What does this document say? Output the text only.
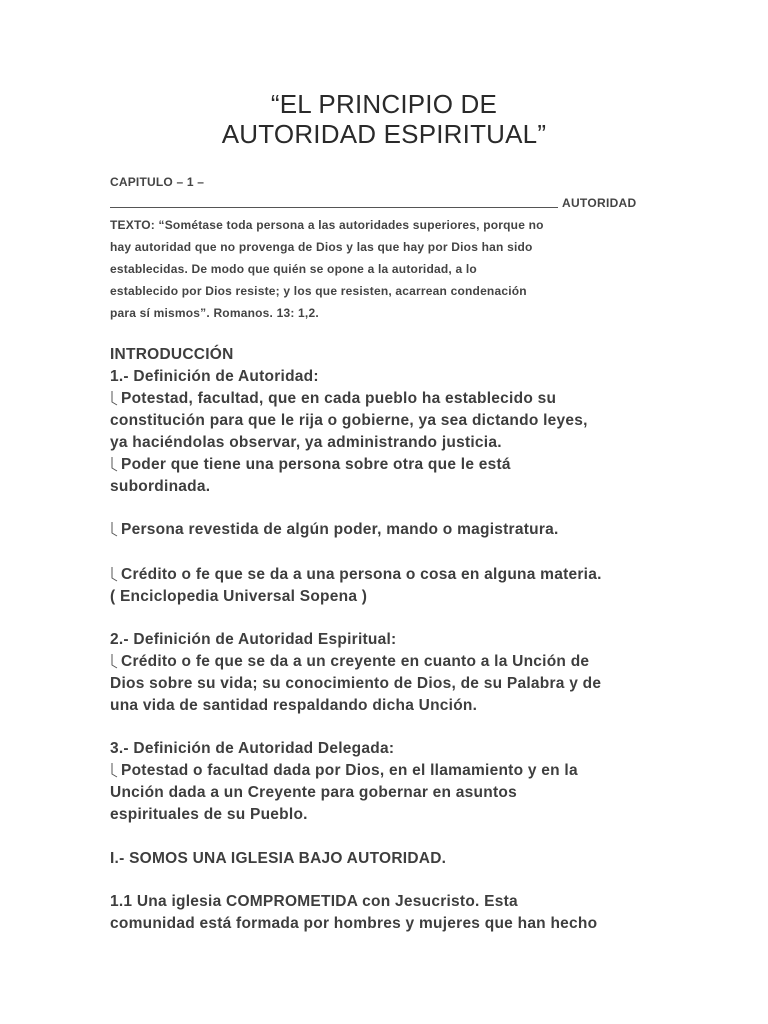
“EL PRINCIPIO DE
AUTORIDAD ESPIRITUAL”
CAPITULO – 1 –
AUTORIDAD
TEXTO: “Sométase toda persona a las autoridades superiores, porque no
hay autoridad que no provenga de Dios y las que hay por Dios han sido
establecidas. De modo que quién se opone a la autoridad, a lo
establecido por Dios resiste; y los que resisten, acarrean condenación
para sí mismos”. Romanos. 13: 1,2.
INTRODUCCIÓN
1.- Definición de Autoridad:
Potestad, facultad, que en cada pueblo ha establecido su
constitución para que le rija o gobierne, ya sea dictando leyes,
ya haciéndolas observar, ya administrando justicia.
Poder que tiene una persona sobre otra que le está
subordinada.
Persona revestida de algún poder, mando o magistratura.
Crédito o fe que se da a una persona o cosa en alguna materia.
( Enciclopedia Universal Sopena )
2.- Definición de Autoridad Espiritual:
Crédito o fe que se da a un creyente en cuanto a la Unción de
Dios sobre su vida; su conocimiento de Dios, de su Palabra y de
una vida de santidad respaldando dicha Unción.
3.- Definición de Autoridad Delegada:
Potestad o facultad dada por Dios, en el llamamiento y en la
Unción dada a un Creyente para gobernar en asuntos
espirituales de su Pueblo.
I.- SOMOS UNA IGLESIA BAJO AUTORIDAD.
1.1 Una iglesia COMPROMETIDA con Jesucristo. Esta
comunidad está formada por hombres y mujeres que han hecho
